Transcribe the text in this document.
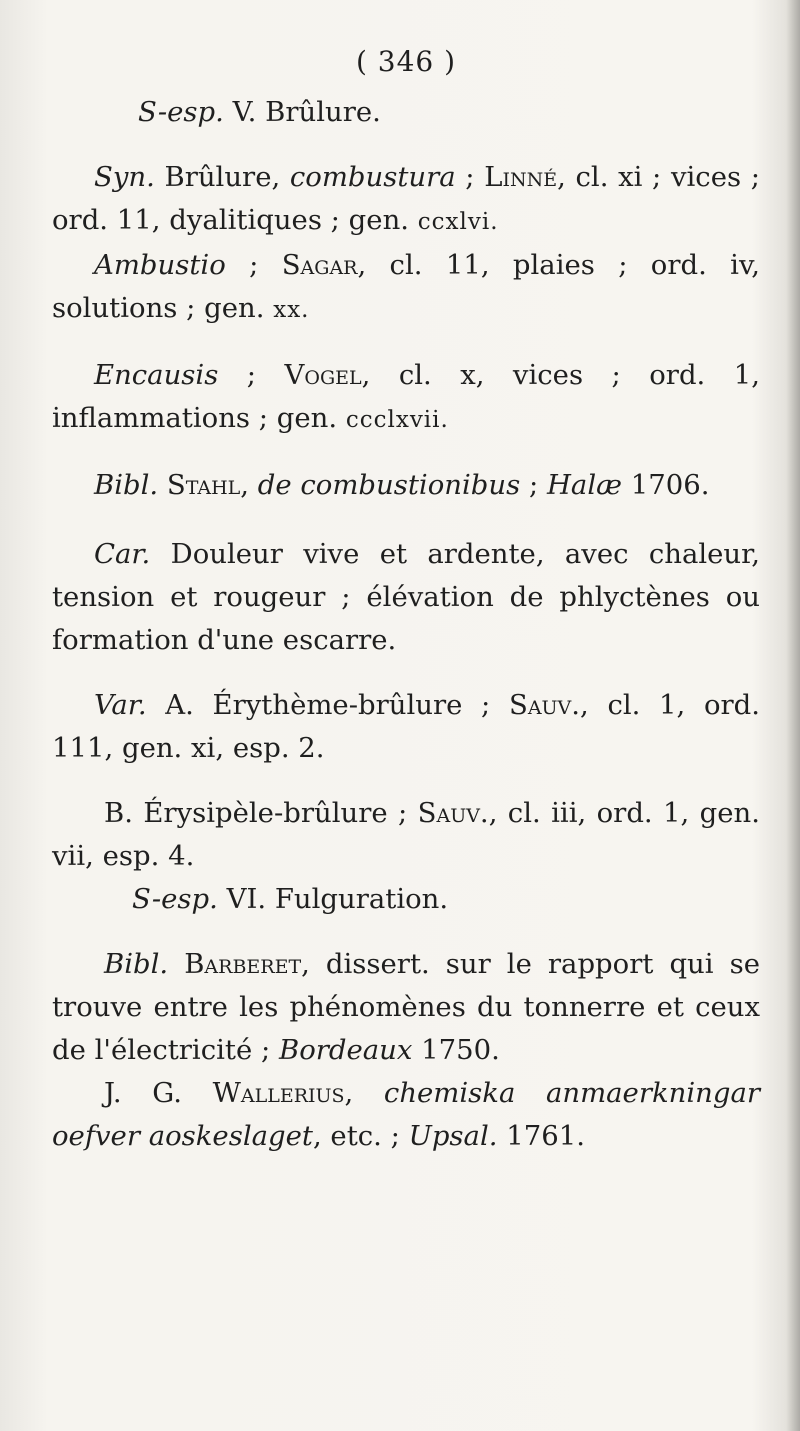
( 346 )

S-esp. V. Brûlure.

Syn. Brûlure, combustura ; Linné, cl. xi ; vices ; ord. 11, dyalitiques ; gen. ccxlvi.

Ambustio ; Sagar, cl. 11, plaies ; ord. iv, solutions ; gen. xx.

Encausis ; Vogel, cl. x, vices ; ord. 1, inflammations ; gen. ccclxvii.

Bibl. Stahl, de combustionibus ; Halæ 1706.

Car. Douleur vive et ardente, avec chaleur, tension et rougeur ; élévation de phlyctènes ou formation d'une escarre.

Var. A. Érythème-brûlure ; Sauv., cl. 1, ord. 111, gen. xi, esp. 2.

B. Érysipèle-brûlure ; Sauv., cl. iii, ord. 1, gen. vii, esp. 4.

S-esp. VI. Fulguration.

Bibl. Barberet, dissert. sur le rapport qui se trouve entre les phénomènes du tonnerre et ceux de l'électricité ; Bordeaux 1750.

J. G. Wallerius, chemiska anmaerkningar oefver aoskeslaget, etc. ; Upsal. 1761.
